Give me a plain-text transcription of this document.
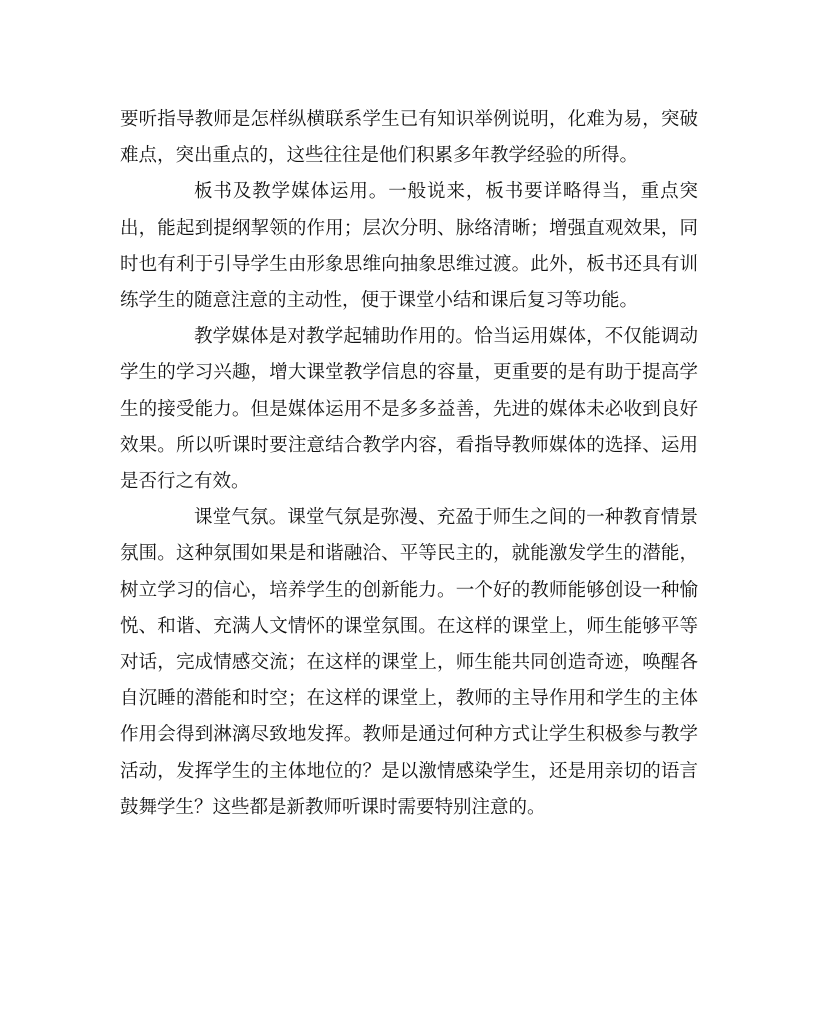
要听指导教师是怎样纵横联系学生已有知识举例说明，化难为易，突破难点，突出重点的，这些往往是他们积累多年教学经验的所得。

板书及教学媒体运用。一般说来，板书要详略得当，重点突出，能起到提纲挈领的作用；层次分明、脉络清晰；增强直观效果，同时也有利于引导学生由形象思维向抽象思维过渡。此外，板书还具有训练学生的随意注意的主动性，便于课堂小结和课后复习等功能。

教学媒体是对教学起辅助作用的。恰当运用媒体，不仅能调动学生的学习兴趣，增大课堂教学信息的容量，更重要的是有助于提高学生的接受能力。但是媒体运用不是多多益善，先进的媒体未必收到良好效果。所以听课时要注意结合教学内容，看指导教师媒体的选择、运用是否行之有效。

课堂气氛。课堂气氛是弥漫、充盈于师生之间的一种教育情景氛围。这种氛围如果是和谐融洽、平等民主的，就能激发学生的潜能，树立学习的信心，培养学生的创新能力。一个好的教师能够创设一种愉悦、和谐、充满人文情怀的课堂氛围。在这样的课堂上，师生能够平等对话，完成情感交流；在这样的课堂上，师生能共同创造奇迹，唤醒各自沉睡的潜能和时空；在这样的课堂上，教师的主导作用和学生的主体作用会得到淋漓尽致地发挥。教师是通过何种方式让学生积极参与教学活动，发挥学生的主体地位的？是以激情感染学生，还是用亲切的语言鼓舞学生？这些都是新教师听课时需要特别注意的。
